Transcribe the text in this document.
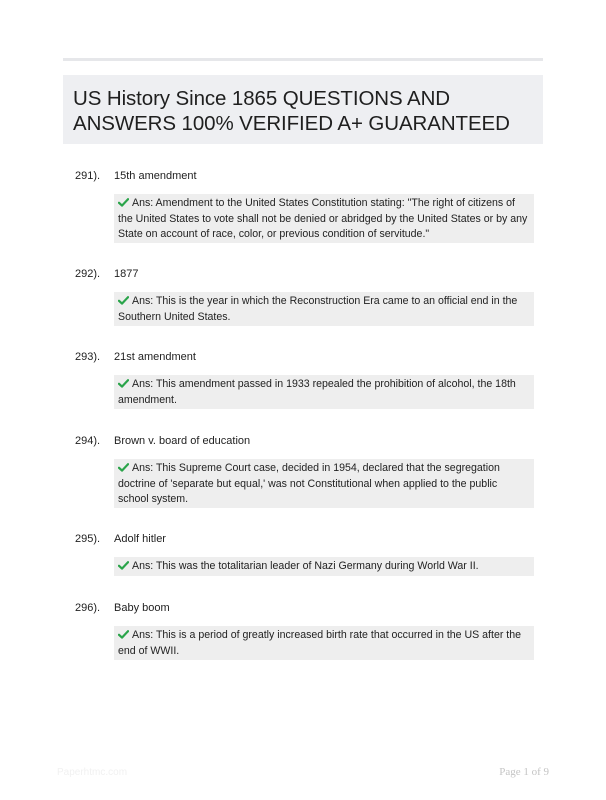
US History Since 1865 QUESTIONS AND ANSWERS 100% VERIFIED A+ GUARANTEED
291). 15th amendment
Ans: Amendment to the United States Constitution stating: "The right of citizens of the United States to vote shall not be denied or abridged by the United States or by any State on account of race, color, or previous condition of servitude."
292). 1877
Ans: This is the year in which the Reconstruction Era came to an official end in the Southern United States.
293). 21st amendment
Ans: This amendment passed in 1933 repealed the prohibition of alcohol, the 18th amendment.
294). Brown v. board of education
Ans: This Supreme Court case, decided in 1954, declared that the segregation doctrine of 'separate but equal,' was not Constitutional when applied to the public school system.
295). Adolf hitler
Ans: This was the totalitarian leader of Nazi Germany during World War II.
296). Baby boom
Ans: This is a period of greatly increased birth rate that occurred in the US after the end of WWII.
Paperhtmc.com	Page 1 of 9
